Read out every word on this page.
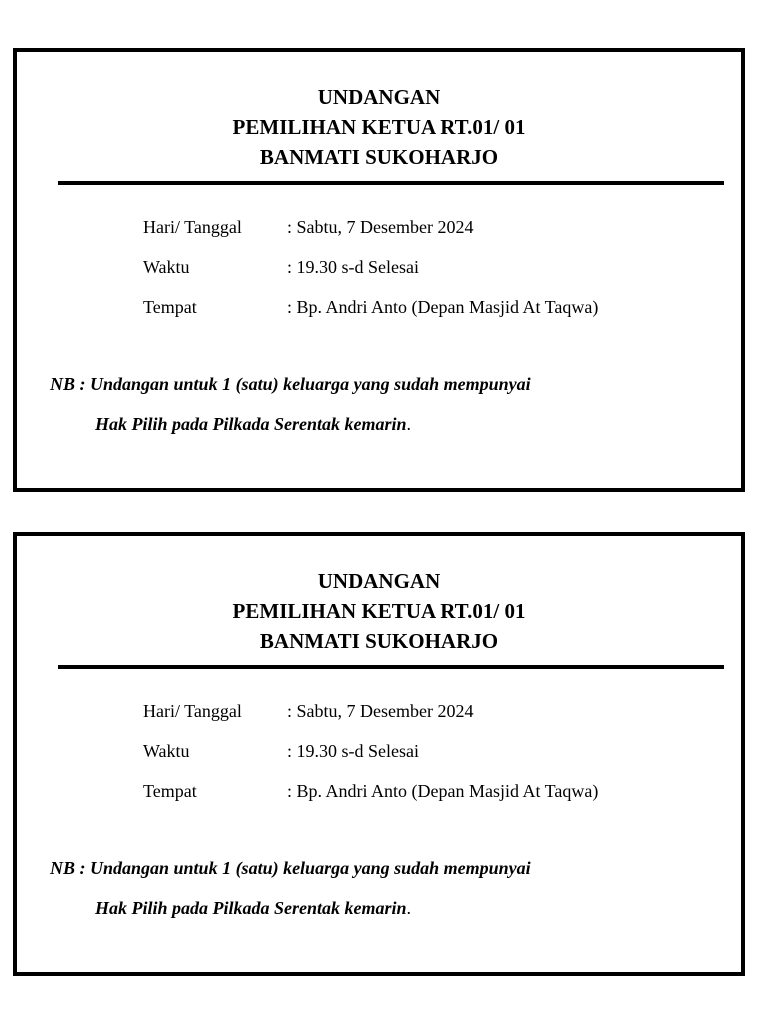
UNDANGAN
PEMILIHAN KETUA RT.01/ 01
BANMATI SUKOHARJO
Hari/ Tanggal	: Sabtu, 7 Desember 2024
Waktu	: 19.30 s-d Selesai
Tempat	: Bp. Andri Anto (Depan Masjid At Taqwa)
NB : Undangan untuk 1 (satu) keluarga yang sudah mempunyai
Hak Pilih pada Pilkada Serentak kemarin.
UNDANGAN
PEMILIHAN KETUA RT.01/ 01
BANMATI SUKOHARJO
Hari/ Tanggal	: Sabtu, 7 Desember 2024
Waktu	: 19.30 s-d Selesai
Tempat	: Bp. Andri Anto (Depan Masjid At Taqwa)
NB : Undangan untuk 1 (satu) keluarga yang sudah mempunyai
Hak Pilih pada Pilkada Serentak kemarin.
